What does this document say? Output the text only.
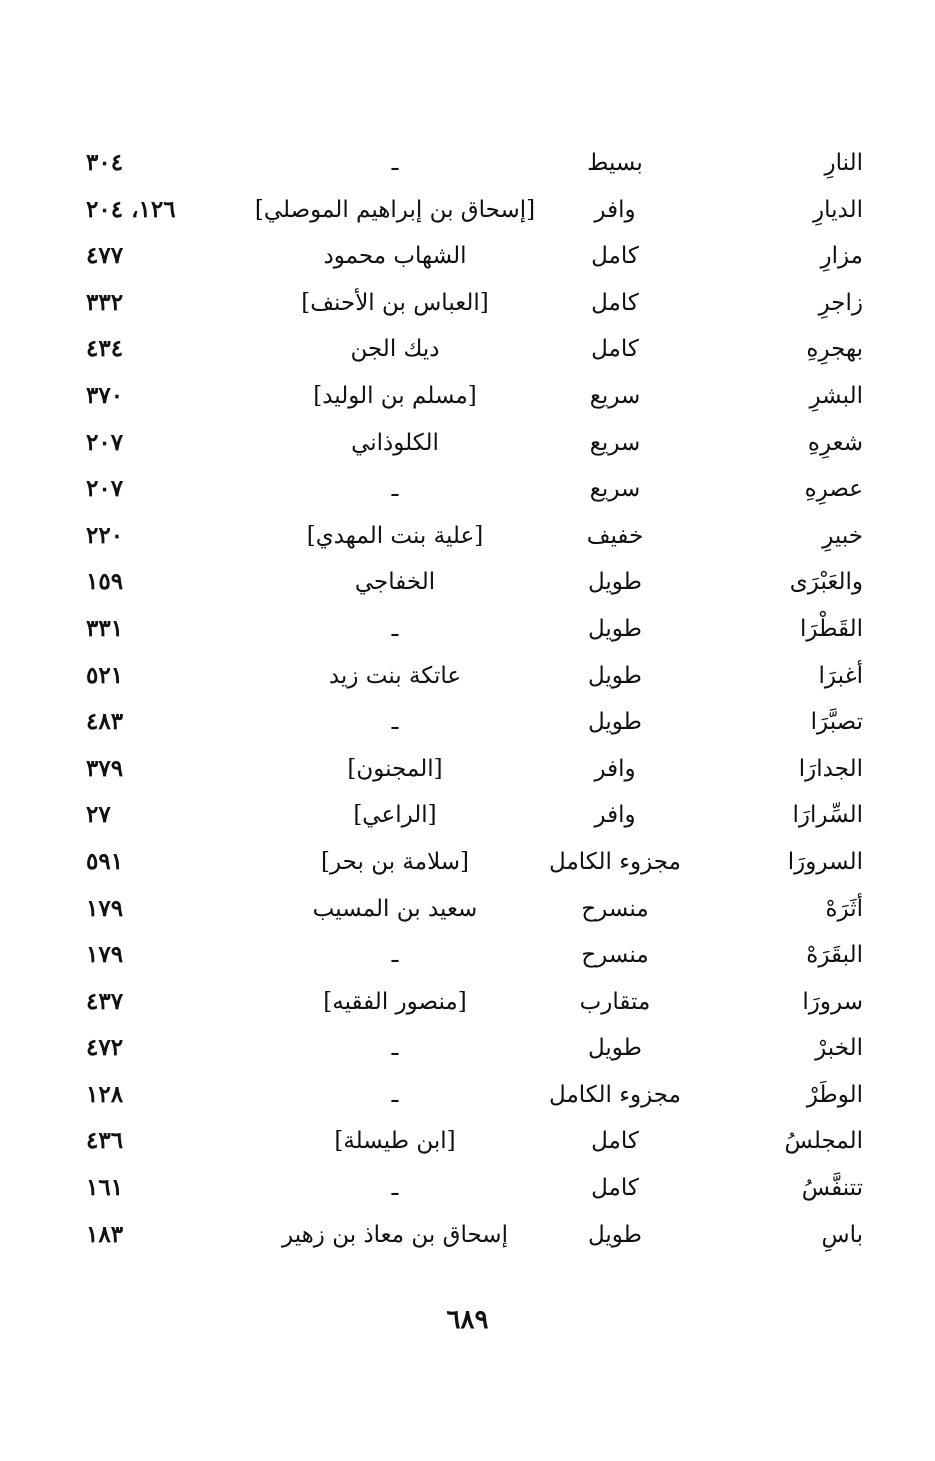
النارِ
بسيط
ـ
٣٠٤
الديارِ
وافر
[إسحاق بن إبراهيم الموصلي]
١٢٦، ٢٠٤
مزارِ
كامل
الشهاب محمود
٤٧٧
زاجرِ
كامل
[العباس بن الأحنف]
٣٣٢
بهجرِهِ
كامل
ديك الجن
٤٣٤
البشرِ
سريع
[مسلم بن الوليد]
٣٧٠
شعرِهِ
سريع
الكلوذاني
٢٠٧
عصرِهِ
سريع
ـ
٢٠٧
خبيرِ
خفيف
[علية بنت المهدي]
٢٢٠
والعَبْرَى
طويل
الخفاجي
١٥٩
القَطْرَا
طويل
ـ
٣٣١
أغبرَا
طويل
عاتكة بنت زيد
٥٢١
تصبَّرَا
طويل
ـ
٤٨٣
الجدارَا
وافر
[المجنون]
٣٧٩
السِّرارَا
وافر
[الراعي]
٢٧
السرورَا
مجزوء الكامل
[سلامة بن بحر]
٥٩١
أثَرَهْ
منسرح
سعيد بن المسيب
١٧٩
البقَرَهْ
منسرح
ـ
١٧٩
سرورَا
متقارب
[منصور الفقيه]
٤٣٧
الخبرْ
طويل
ـ
٤٧٢
الوطَرْ
مجزوء الكامل
ـ
١٢٨
المجلسُ
كامل
[ابن طيسلة]
٤٣٦
تتنفَّسُ
كامل
ـ
١٦١
باسِ
طويل
إسحاق بن معاذ بن زهير
١٨٣
٦٨٩
